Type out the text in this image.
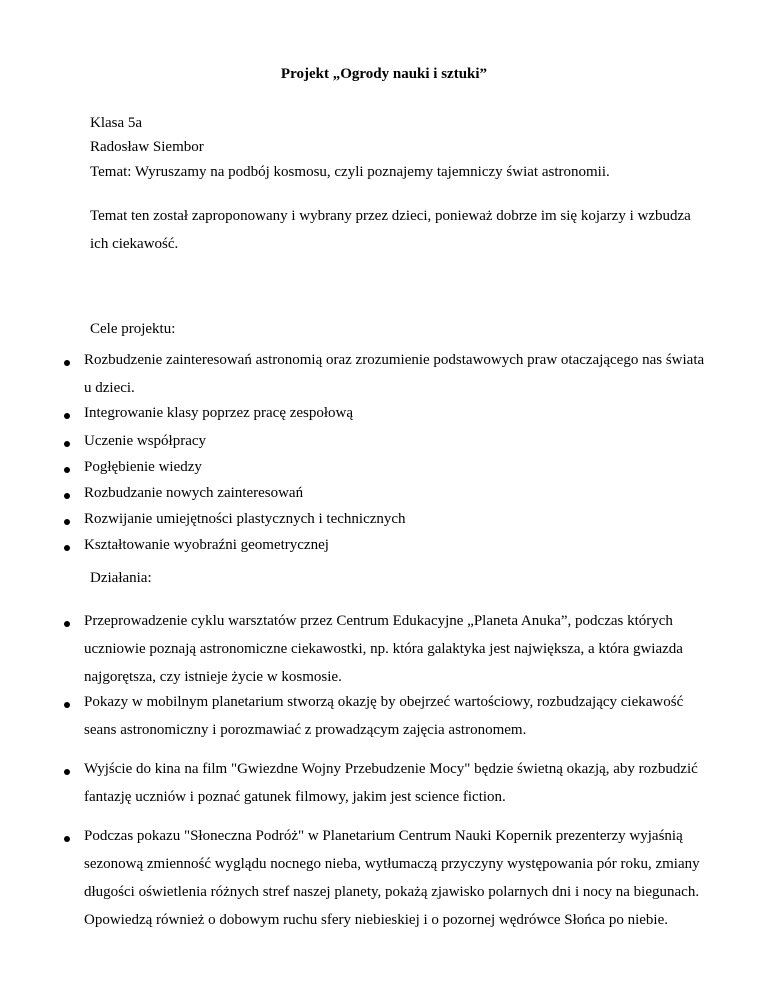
Projekt „Ogrody nauki i sztuki”
Klasa 5a
Radosław Siembor
Temat: Wyruszamy na podbój kosmosu, czyli poznajemy tajemniczy świat astronomii.
Temat ten został zaproponowany i wybrany przez dzieci, ponieważ dobrze im się kojarzy i wzbudza ich ciekawość.
Cele projektu:
Rozbudzenie zainteresowań astronomią oraz zrozumienie podstawowych praw otaczającego nas świata u dzieci.
Integrowanie klasy poprzez pracę zespołową
Uczenie współpracy
Pogłębienie wiedzy
Rozbudzanie nowych zainteresowań
Rozwijanie umiejętności plastycznych i technicznych
Kształtowanie wyobraźni geometrycznej
Działania:
Przeprowadzenie cyklu warsztatów przez Centrum Edukacyjne „Planeta Anuka”, podczas których uczniowie poznają astronomiczne ciekawostki, np. która galaktyka jest największa, a która gwiazda najgorętsza, czy istnieje życie w kosmosie.
Pokazy w mobilnym planetarium stworzą okazję by obejrzeć wartościowy, rozbudzający ciekawość seans astronomiczny i porozmawiać z prowadzącym zajęcia astronomem.
Wyjście do kina na film "Gwiezdne Wojny Przebudzenie Mocy" będzie świetną okazją, aby rozbudzić fantazję uczniów i poznać gatunek filmowy, jakim jest science fiction.
Podczas pokazu "Słoneczna Podróż" w Planetarium Centrum Nauki Kopernik prezenterzy wyjaśnią sezonową zmienność wyglądu nocnego nieba, wytłumaczą przyczyny występowania pór roku, zmiany długości oświetlenia różnych stref naszej planety, pokażą zjawisko polarnych dni i nocy na biegunach. Opowiedzą również o dobowym ruchu sfery niebieskiej i o pozornej wędrówce Słońca po niebie.
